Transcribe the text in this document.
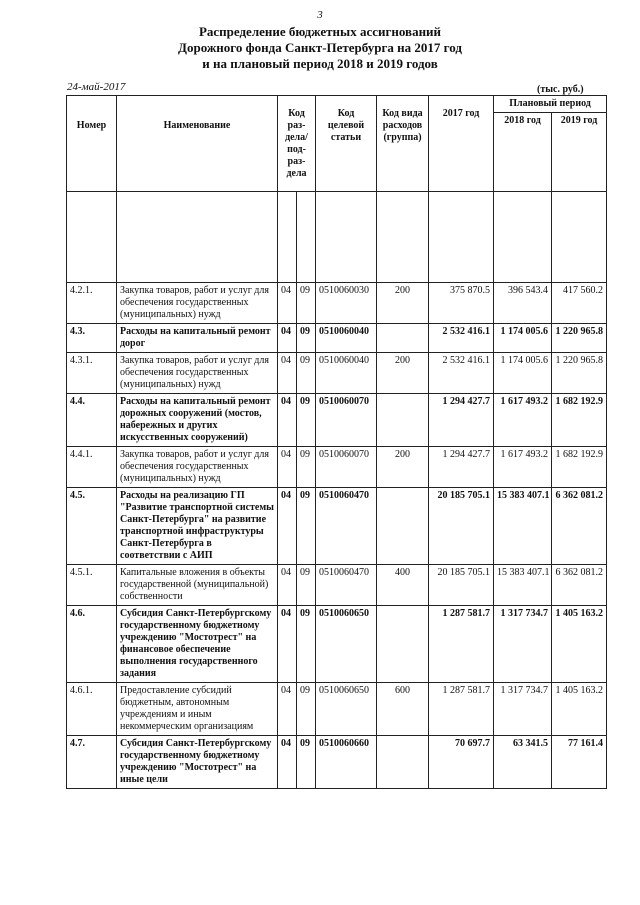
3
Распределение бюджетных ассигнований
Дорожного фонда Санкт-Петербурга на 2017 год
и на плановый период 2018 и 2019 годов
24-май-2017	(тыс. руб.)
Номер	Наименование	Код раз-дела/ под-раз-дела		Код целевой статьи	Код вида расходов (группа)	2017 год	Плановый период	
							2018 год	2019 год

4.2.1.	Закупка товаров, работ и услуг для обеспечения государственных (муниципальных) нужд	04	09	0510060030	200	375 870.5	396 543.4	417 560.2
4.3.	Расходы на капитальный ремонт дорог	04	09	0510060040		2 532 416.1	1 174 005.6	1 220 965.8
4.3.1.	Закупка товаров, работ и услуг для обеспечения государственных (муниципальных) нужд	04	09	0510060040	200	2 532 416.1	1 174 005.6	1 220 965.8
4.4.	Расходы на капитальный ремонт дорожных сооружений (мостов, набережных и других искусственных сооружений)	04	09	0510060070		1 294 427.7	1 617 493.2	1 682 192.9
4.4.1.	Закупка товаров, работ и услуг для обеспечения государственных (муниципальных) нужд	04	09	0510060070	200	1 294 427.7	1 617 493.2	1 682 192.9
4.5.	Расходы на реализацию ГП "Развитие транспортной системы Санкт-Петербурга" на развитие транспортной инфраструктуры Санкт-Петербурга в соответствии с АИП	04	09	0510060470		20 185 705.1	15 383 407.1	6 362 081.2
4.5.1.	Капитальные вложения в объекты государственной (муниципальной) собственности	04	09	0510060470	400	20 185 705.1	15 383 407.1	6 362 081.2
4.6.	Субсидия Санкт-Петербургскому государственному бюджетному учреждению "Мостотрест" на финансовое обеспечение выполнения государственного задания	04	09	0510060650		1 287 581.7	1 317 734.7	1 405 163.2
4.6.1.	Предоставление субсидий бюджетным, автономным учреждениям и иным некоммерческим организациям	04	09	0510060650	600	1 287 581.7	1 317 734.7	1 405 163.2
4.7.	Субсидия Санкт-Петербургскому государственному бюджетному учреждению "Мостотрест" на иные цели	04	09	0510060660		70 697.7	63 341.5	77 161.4
